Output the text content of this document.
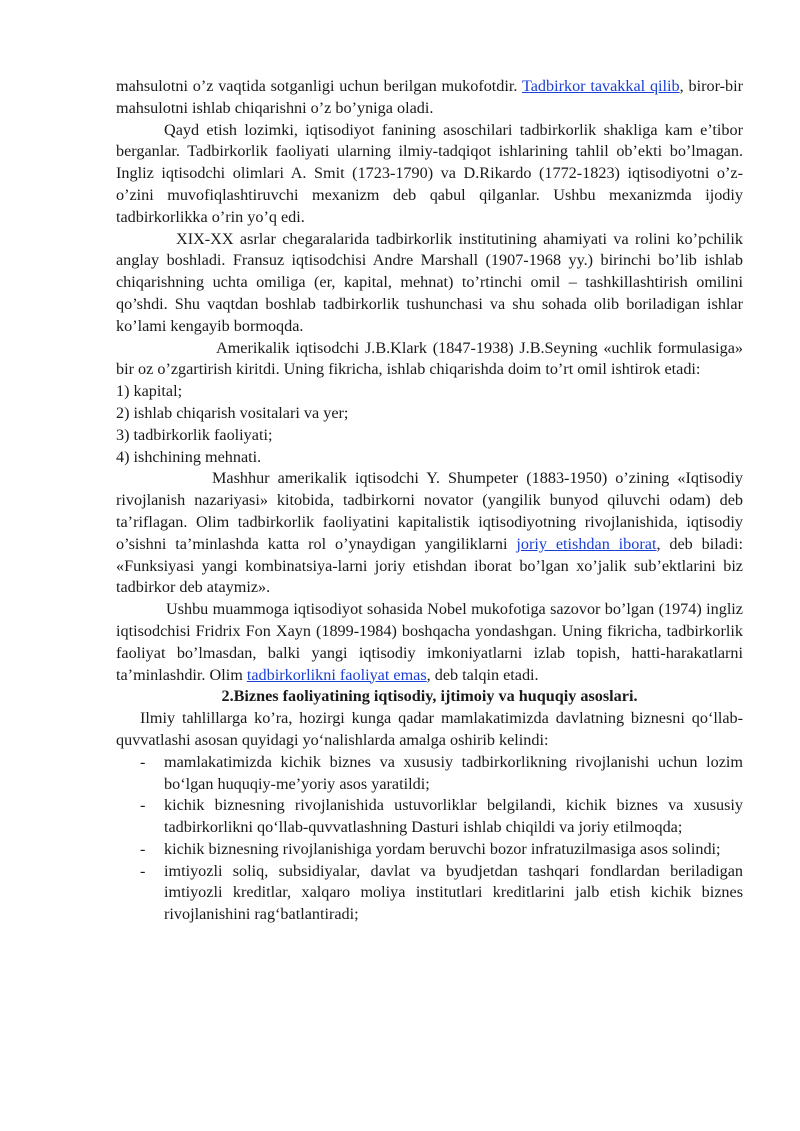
mahsulotni o’z vaqtida sotganligi uchun berilgan mukofotdir. Tadbirkor tavakkal qilib, biror-bir mahsulotni ishlab chiqarishni o’z bo’yniga oladi.

Qayd etish lozimki, iqtisodiyot fanining asoschilari tadbirkorlik shakliga kam e’tibor berganlar. Tadbirkorlik faoliyati ularning ilmiy-tadqiqot ishlarining tahlil ob’ekti bo’lmagan. Ingliz iqtisodchi olimlari A. Smit (1723-1790) va D.Rikardo (1772-1823) iqtisodiyotni o’z-o’zini muvofiqlashtiruvchi mexanizm deb qabul qilganlar. Ushbu mexanizmda ijodiy tadbirkorlikka o’rin yo’q edi.

XIX-XX asrlar chegaralarida tadbirkorlik institutining ahamiyati va rolini ko’pchilik anglay boshladi. Fransuz iqtisodchisi Andre Marshall (1907-1968 yy.) birinchi bo’lib ishlab chiqarishning uchta omiliga (er, kapital, mehnat) to’rtinchi omil – tashkillashtirish omilini qo’shdi. Shu vaqtdan boshlab tadbirkorlik tushunchasi va shu sohada olib boriladigan ishlar ko’lami kengayib bormoqda.

Amerikalik iqtisodchi J.B.Klark (1847-1938) J.B.Seyning «uchlik formulasiga» bir oz o’zgartirish kiritdi. Uning fikricha, ishlab chiqarishda doim to’rt omil ishtirok etadi:

1) kapital;
2) ishlab chiqarish vositalari va yer;
3) tadbirkorlik faoliyati;
4) ishchining mehnati.

Mashhur amerikalik iqtisodchi Y. Shumpeter (1883-1950) o’zining «Iqtisodiy rivojlanish nazariyasi» kitobida, tadbirkorni novator (yangilik bunyod qiluvchi odam) deb ta’riflagan. Olim tadbirkorlik faoliyatini kapitalistik iqtisodiyotning rivojlanishida, iqtisodiy o’sishni ta’minlashda katta rol o’ynaydigan yangiliklarni joriy etishdan iborat, deb biladi: «Funksiyasi yangi kombinatsiya-larni joriy etishdan iborat bo’lgan xo’jalik sub’ektlarini biz tadbirkor deb ataymiz».

Ushbu muammoga iqtisodiyot sohasida Nobel mukofotiga sazovor bo’lgan (1974) ingliz iqtisodchisi Fridrix Fon Xayn (1899-1984) boshqacha yondashgan. Uning fikricha, tadbirkorlik faoliyat bo’lmasdan, balki yangi iqtisodiy imkoniyatlarni izlab topish, hatti-harakatlarni ta’minlashdir. Olim tadbirkorlikni faoliyat emas, deb talqin etadi.

2.Biznes faoliyatining iqtisodiy, ijtimoiy va huquqiy asoslari.

Ilmiy tahlillarga ko’ra, hozirgi kunga qadar mamlakatimizda davlatning biznesni qo‘llab-quvvatlashi asosan quyidagi yo‘nalishlarda amalga oshirib kelindi:

- mamlakatimizda kichik biznes va xususiy tadbirkorlikning rivojlanishi uchun lozim bo‘lgan huquqiy-me’yoriy asos yaratildi;
- kichik biznesning rivojlanishida ustuvorliklar belgilandi, kichik biznes va xususiy tadbirkorlikni qo‘llab-quvvatlashning Dasturi ishlab chiqildi va joriy etilmoqda;
- kichik biznesning rivojlanishiga yordam beruvchi bozor infratuzilmasiga asos solindi;
- imtiyozli soliq, subsidiyalar, davlat va byudjetdan tashqari fondlardan beriladigan imtiyozli kreditlar, xalqaro moliya institutlari kreditlarini jalb etish kichik biznes rivojlanishini rag‘batlantiradi;
